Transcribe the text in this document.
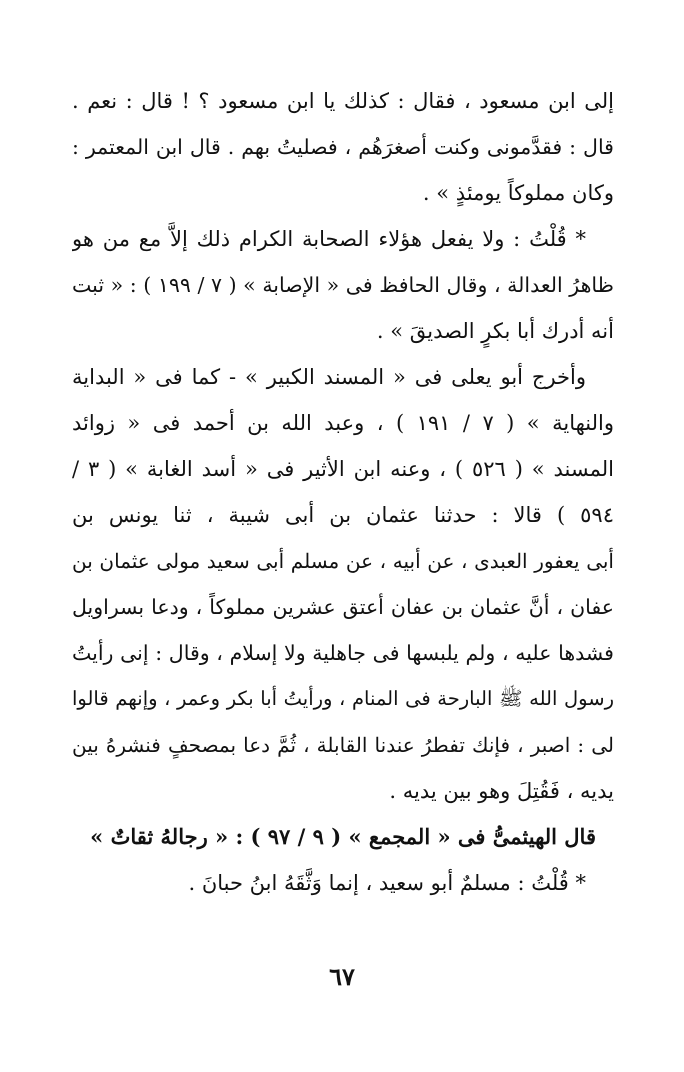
إلى ابن مسعود ، فقال : كذلك يا ابن مسعود ؟ ! قال : نعم .
قال : فقدَّمونى وكنت أصغرَهُم ، فصليتُ بهم . قال ابن المعتمر :
وكان مملوكاً يومئذٍ » .
* قُلْتُ : ولا يفعل هؤلاء الصحابة الكرام ذلك إلاَّ مع من هو
ظاهرُ العدالة ، وقال الحافظ فى « الإصابة » ( ٧ / ١٩٩ ) : « ثبت
أنه أدرك أبا بكرٍ الصديقَ » .
وأخرج أبو يعلى فى « المسند الكبير » - كما فى « البداية
والنهاية » ( ٧ / ١٩١ ) ، وعبد الله بن أحمد فى « زوائد
المسند » ( ٥٢٦ ) ، وعنه ابن الأثير فى « أسد الغابة » ( ٣ /
٥٩٤ ) قالا : حدثنا عثمان بن أبى شيبة ، ثنا يونس بن
أبى يعفور العبدى ، عن أبيه ، عن مسلم أبى سعيد مولى عثمان بن
عفان ، أنَّ عثمان بن عفان أعتق عشرين مملوكاً ، ودعا بسراويل
فشدها عليه ، ولم يلبسها فى جاهلية ولا إسلام ، وقال : إنى رأيتُ
رسول الله ﷺ البارحة فى المنام ، ورأيتُ أبا بكر وعمر ، وإنهم قالوا
لى : اصبر ، فإنك تفطرُ عندنا القابلة ، ثُمَّ دعا بمصحفٍ فنشرهُ بين
يديه ، فَقُتِلَ وهو بين يديه .
قال الهيثمىُّ فى « المجمع » ( ٩ / ٩٧ ) : « رجالهُ ثقاتٌ »
* قُلْتُ : مسلمٌ أبو سعيد ، إنما وَثَّقَهُ ابنُ حبانَ .
٦٧
